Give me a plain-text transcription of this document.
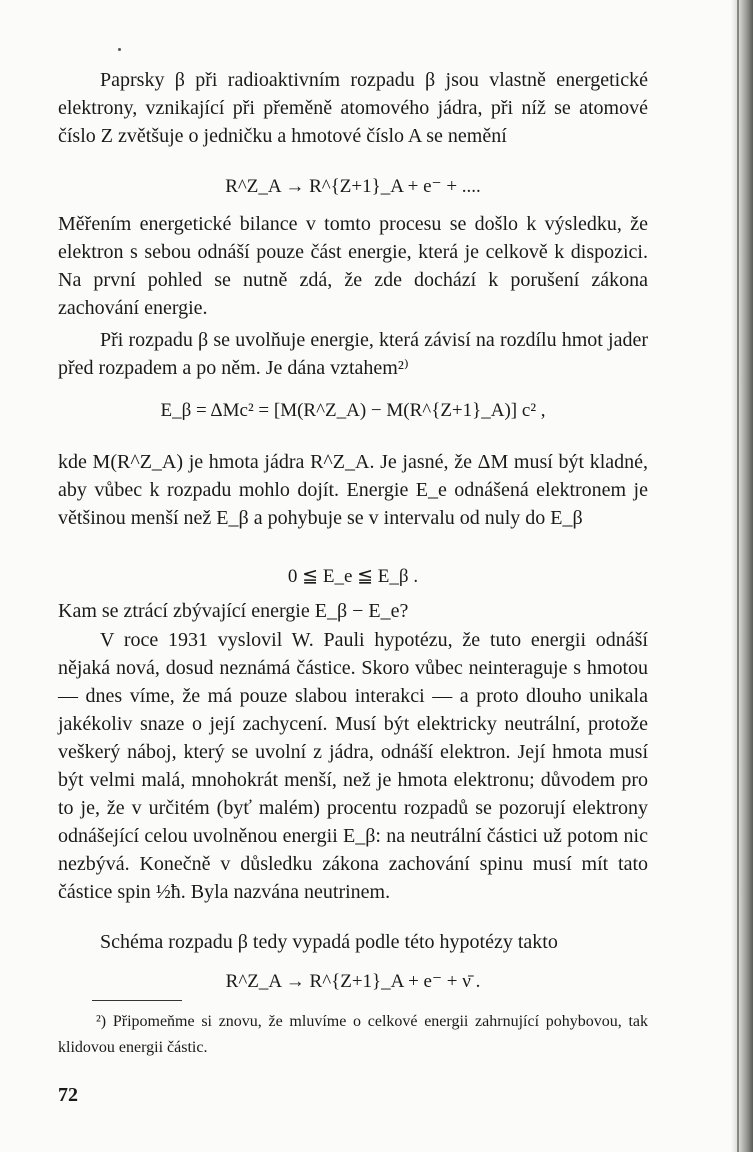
Paprsky β při radioaktivním rozpadu β jsou vlastně energetické elektrony, vznikající při přeměně atomového jádra, při níž se atomové číslo Z zvětšuje o jedničku a hmotové číslo A se nemění

R^Z_A → R^{Z+1}_A + e⁻ + ....

Měřením energetické bilance v tomto procesu se došlo k výsledku, že elektron s sebou odnáší pouze část energie, která je celkově k dispozici. Na první pohled se nutně zdá, že zde dochází k porušení zákona zachování energie.

Při rozpadu β se uvolňuje energie, která závisí na rozdílu hmot jader před rozpadem a po něm. Je dána vztahem²⁾

E_β = ΔMc² = [M(R^Z_A) − M(R^{Z+1}_A)] c² ,

kde M(R^Z_A) je hmota jádra R^Z_A. Je jasné, že ΔM musí být kladné, aby vůbec k rozpadu mohlo dojít. Energie E_e odnášená elektronem je většinou menší než E_β a pohybuje se v intervalu od nuly do E_β

0 ≦ E_e ≦ E_β .

Kam se ztrácí zbývající energie E_β − E_e?

V roce 1931 vyslovil W. Pauli hypotézu, že tuto energii odnáší nějaká nová, dosud neznámá částice. Skoro vůbec neinteraguje s hmotou — dnes víme, že má pouze slabou interakci — a proto dlouho unikala jakékoliv snaze o její zachycení. Musí být elektricky neutrální, protože veškerý náboj, který se uvolní z jádra, odnáší elektron. Její hmota musí být velmi malá, mnohokrát menší, než je hmota elektronu; důvodem pro to je, že v určitém (byť malém) procentu rozpadů se pozorují elektrony odnášející celou uvolněnou energii E_β: na neutrální částici už potom nic nezbývá. Konečně v důsledku zákona zachování spinu musí mít tato částice spin ½ħ. Byla nazvána neutrinem.

Schéma rozpadu β tedy vypadá podle této hypotézy takto

R^Z_A → R^{Z+1}_A + e⁻ + ν̄ .
²) Připomeňme si znovu, že mluvíme o celkové energii zahrnující pohybovou, tak klidovou energii částic.
72
